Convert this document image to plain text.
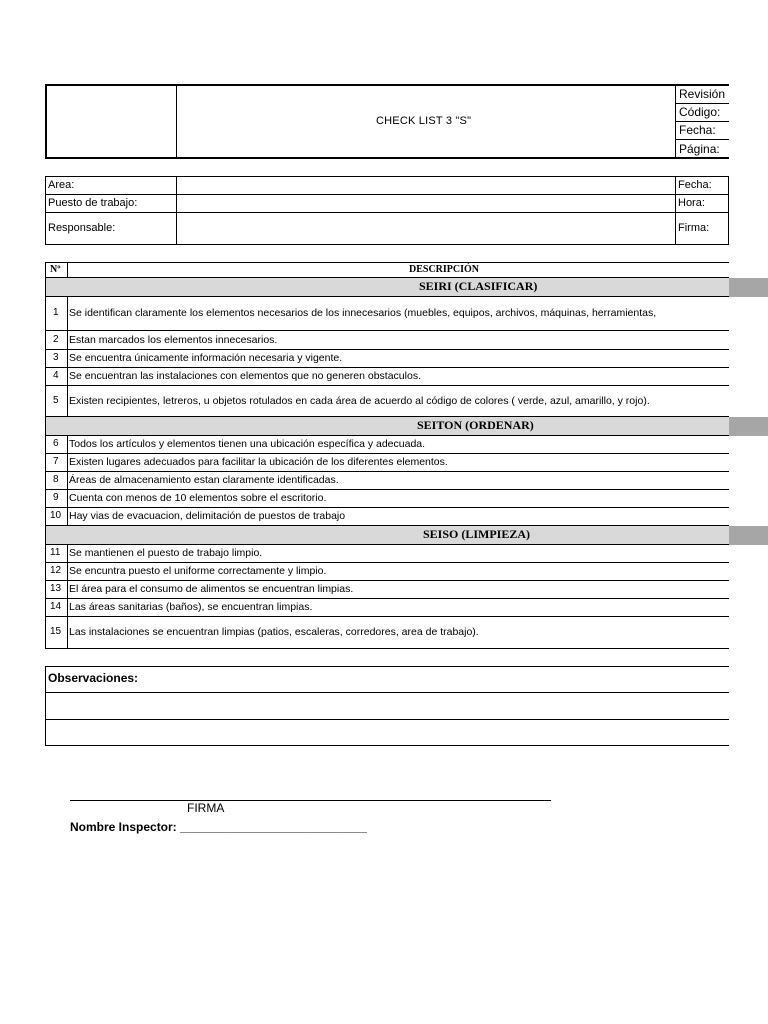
CHECK LIST 3 "S"
Revisión
Código:
Fecha:
Página:
Area:
Puesto de trabajo:
Responsable:
Fecha:
Hora:
Firma:
Nº	DESCRIPCIÓN
SEIRI (CLASIFICAR)
SEITON (ORDENAR)
SEISO (LIMPIEZA)
1 Se identifican claramente los elementos necesarios de los innecesarios (muebles, equipos, archivos, máquinas, herramientas,
2 Estan marcados los elementos innecesarios.
3 Se encuentra únicamente información necesaria y vigente.
4 Se encuentran las instalaciones con elementos que no generen obstaculos.
5 Existen recipientes, letreros, u objetos rotulados en cada área de acuerdo al código de colores ( verde, azul, amarillo, y rojo).
6 Todos los artículos y elementos tienen una ubicación específica y adecuada.
7 Existen lugares adecuados para facilitar la ubicación de los diferentes elementos.
8 Áreas de almacenamiento estan claramente identificadas.
9 Cuenta con menos de 10 elementos sobre el escritorio.
10 Hay vias de evacuacion, delimitación de puestos de trabajo
11 Se mantienen el puesto de trabajo limpio.
12 Se encuntra puesto el uniforme correctamente y limpio.
13 El área para el consumo de alimentos se encuentran limpias.
14 Las áreas sanitarias (baños), se encuentran limpias.
15 Las instalaciones se encuentran limpias (patios, escaleras, corredores, area de trabajo).
Observaciones:
FIRMA
Nombre Inspector: ____________________________
